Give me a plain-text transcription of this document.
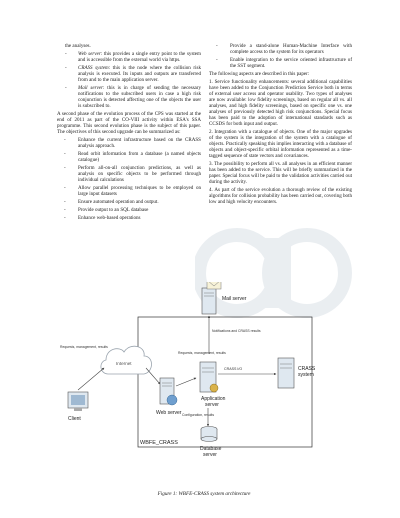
the analyses.

- Web server: this provides a single entry point to the system and is accessible from the external world via https.
- CRASS system: this is the node where the collision risk analysis is executed. Its inputs and outputs are transferred from and to the main application server.
- Mail server: this is in charge of sending the necessary notifications to the subscribed users in case a high risk conjunction is detected affecting one of the objects the user is subscribed to.

A second phase of the evolution process of the CPS was started at the end of 2011 as part of the CO-VIII activity within ESA's SSA programme. This second evolution phase is the subject of this paper. The objectives of this second upgrade can be summarized as:

- Enhance the current infrastructure based on the CRASS analysis approach.
- Read orbit information from a database (a named objects catalogue)
- Perform all-on-all conjunction predictions, as well as analysis on specific objects to be performed through individual calculations
- Allow parallel processing techniques to be employed on large input datasets
- Ensure automated operation and output.
- Provide output to an SQL database
- Enhance web-based operations
- Provide a stand-alone Human-Machine Interface with complete access to the system for its operators
- Enable integration to the service oriented infrastructure of the SST segment.

The following aspects are described in this paper:

1. Service functionality enhancements: several additional capabilities have been added to the Conjunction Prediction Service both in terms of external user access and operator usability. Two types of analyses are now available: low fidelity screenings, based on regular all vs. all analyses, and high fidelity screenings, based on specific one vs. one analyses of previously detected high risk conjunctions. Special focus has been paid to the adoption of international standards such as CCSDS for both input and output.

2. Integration with a catalogue of objects. One of the major upgrades of the system is the integration of the system with a catalogue of objects. Practically speaking this implies interacting with a database of objects and object-specific orbital information represented as a time-tagged sequence of state vectors and covariances.

3. The possibility to perform all vs. all analyses in an efficient manner has been added to the service. This will be briefly summarized in the paper. Special focus will be paid to the validation activities carried out during the activity.

4. As part of the service evolution a thorough review of the existing algorithms for collision probability has been carried out, covering both low and high velocity encounters.

WBFE_CRASS
Mail server
Notifications and CRASS results
Internet
Client
Requests, management, results
Web server
Requests, management, results
Application
server
CRASS I/O	CRASS
system
Configuration, results
Database
server
Figure 1: WBFE-CRASS system architecture
